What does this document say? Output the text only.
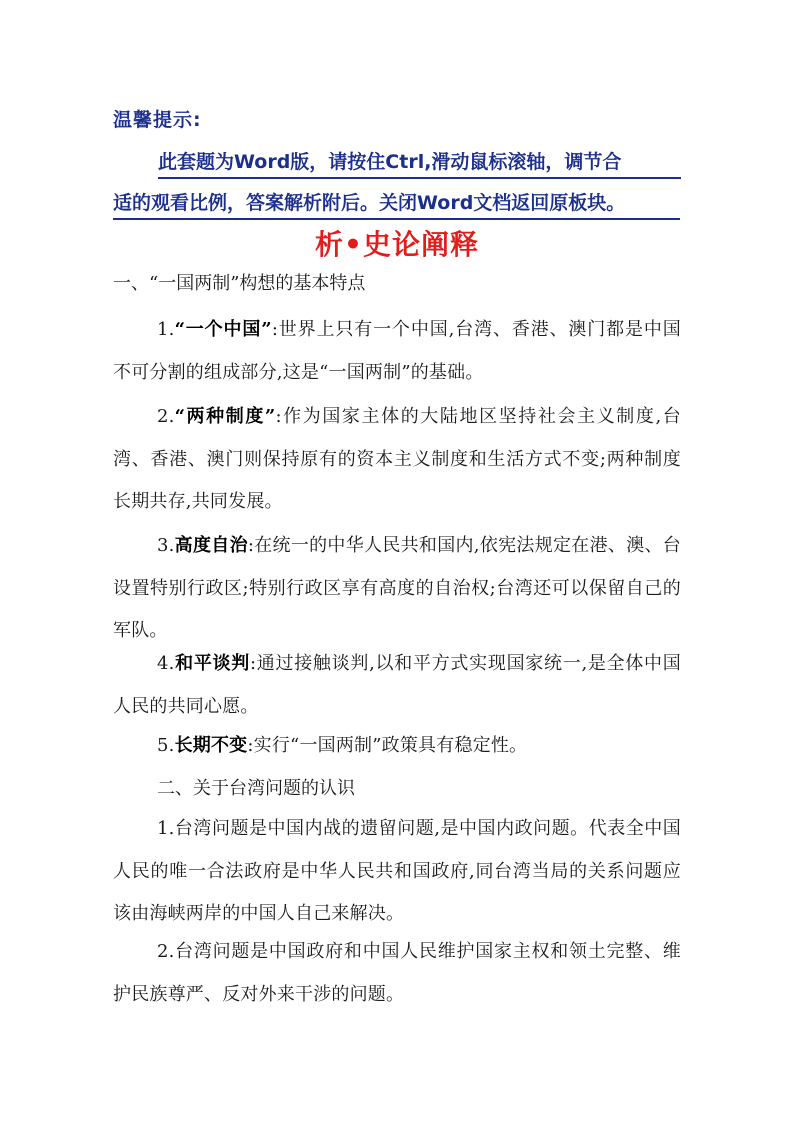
温馨提示:
此套题为Word版，请按住Ctrl,滑动鼠标滚轴，调节合
适的观看比例，答案解析附后。关闭Word文档返回原板块。
析•史论阐释
一、“一国两制”构想的基本特点
1.“一个中国”:世界上只有一个中国,台湾、香港、澳门都是中国不可分割的组成部分,这是“一国两制”的基础。
2.“两种制度”:作为国家主体的大陆地区坚持社会主义制度,台湾、香港、澳门则保持原有的资本主义制度和生活方式不变;两种制度长期共存,共同发展。
3.高度自治:在统一的中华人民共和国内,依宪法规定在港、澳、台设置特别行政区;特别行政区享有高度的自治权;台湾还可以保留自己的军队。
4.和平谈判:通过接触谈判,以和平方式实现国家统一,是全体中国人民的共同心愿。
5.长期不变:实行“一国两制”政策具有稳定性。
二、关于台湾问题的认识
1.台湾问题是中国内战的遗留问题,是中国内政问题。代表全中国人民的唯一合法政府是中华人民共和国政府,同台湾当局的关系问题应该由海峡两岸的中国人自己来解决。
2.台湾问题是中国政府和中国人民维护国家主权和领土完整、维护民族尊严、反对外来干涉的问题。
